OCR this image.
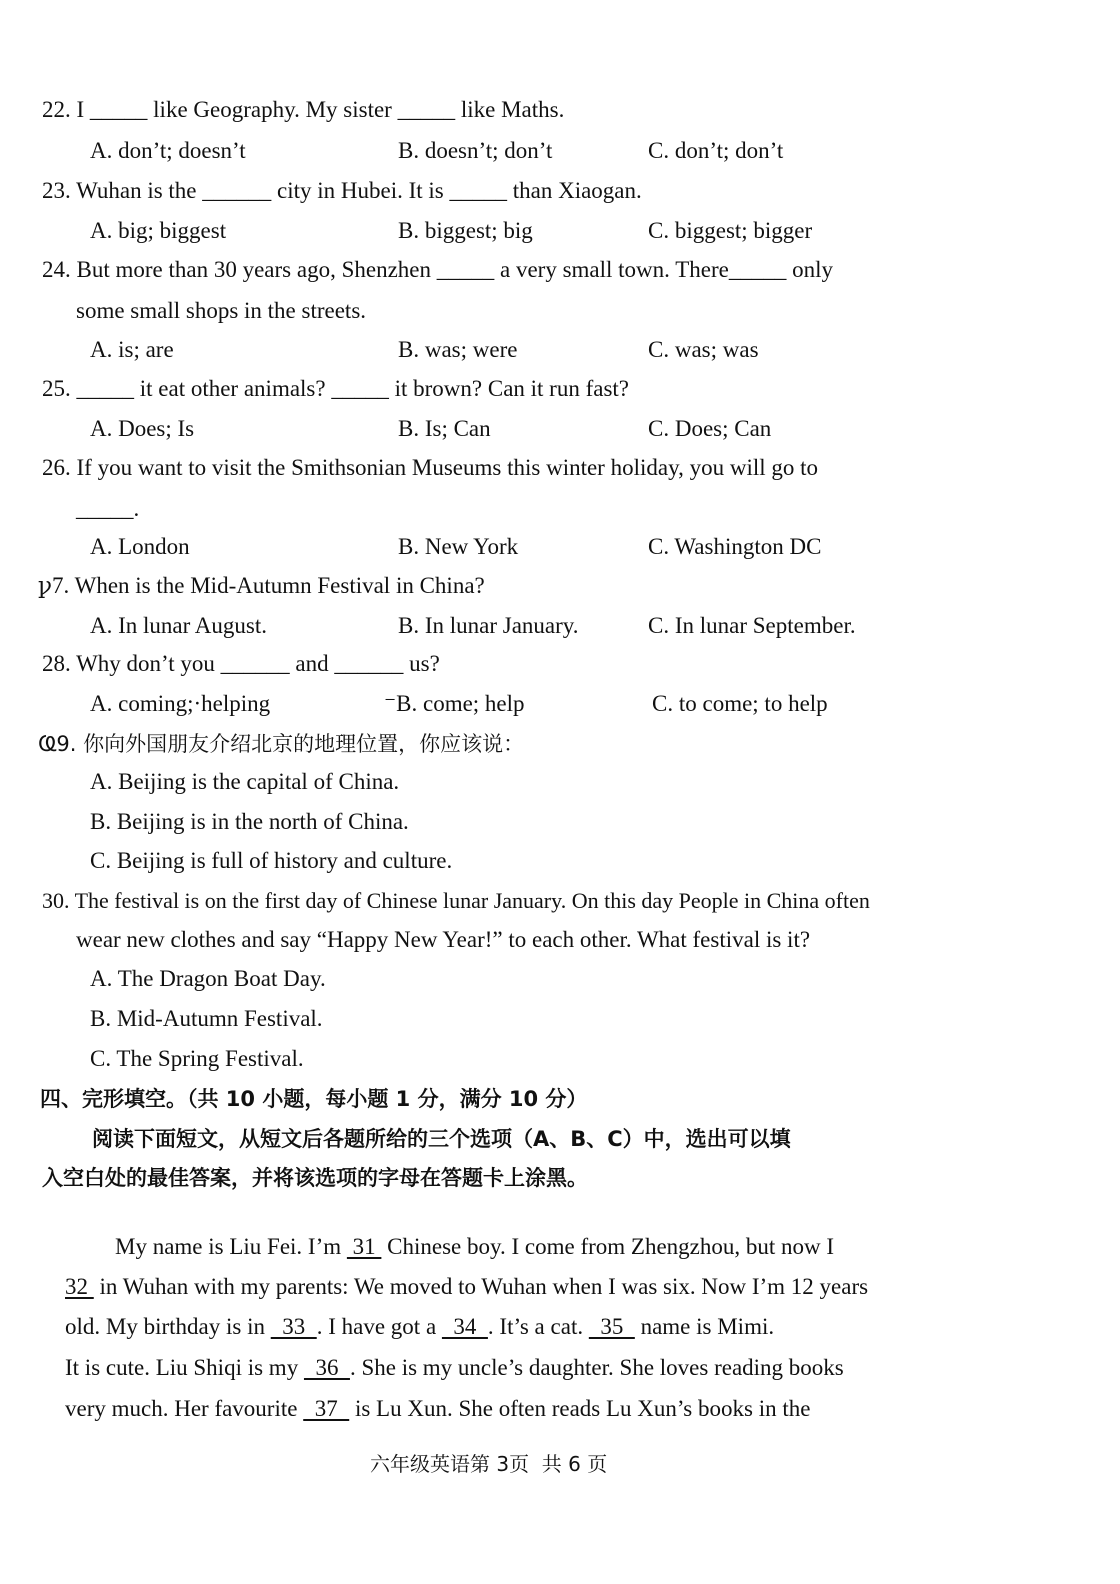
22. I _____ like Geography. My sister _____ like Maths.
A. don’t; doesn’t	B. doesn’t; don’t	C. don’t; don’t
23. Wuhan is the ______ city in Hubei. It is _____ than Xiaogan.
A. big; biggest	B. biggest; big	C. biggest; bigger
24. But more than 30 years ago, Shenzhen _____ a very small town. There_____ only
some small shops in the streets.
A. is; are	B. was; were	C. was; was
25. _____ it eat other animals? _____ it brown? Can it run fast?
A. Does; Is	B. Is; Can	C. Does; Can
26. If you want to visit the Smithsonian Museums this winter holiday, you will go to
_____.
A. London	B. New York	C. Washington DC
ꝩ7. When is the Mid-Autumn Festival in China?
A. In lunar August.	B. In lunar January.	C. In lunar September.
28. Why don’t you ______ and ______ us?
A. coming;·helping	⁻B. come; help	C. to come; to help
Ҩ9. 你向外国朋友介绍北京的地理位置，你应该说：
A. Beijing is the capital of China.
B. Beijing is in the north of China.
C. Beijing is full of history and culture.
30. The festival is on the first day of Chinese lunar January. On this day People in China often
wear new clothes and say “Happy New Year!” to each other. What festival is it?
A. The Dragon Boat Day.
B. Mid-Autumn Festival.
C. The Spring Festival.
四、完形填空。（共 10 小题，每小题 1 分，满分 10 分）
阅读下面短文，从短文后各题所给的三个选项（A、B、C）中，选出可以填
入空白处的最佳答案，并将该选项的字母在答题卡上涂黑。

My name is Liu Fei. I’m  31  Chinese boy. I come from Zhengzhou, but now I

32  in Wuhan with my parents: We moved to Wuhan when I was six. Now I’m 12 years

old. My birthday is in   33  . I have got a   34  . It’s a cat.   35   name is Mimi.

It is cute. Liu Shiqi is my   36  . She is my uncle’s daughter. She loves reading books

very much. Her favourite   37   is Lu Xun. She often reads Lu Xun’s books in the

六年级英语第 3页  共 6 页
